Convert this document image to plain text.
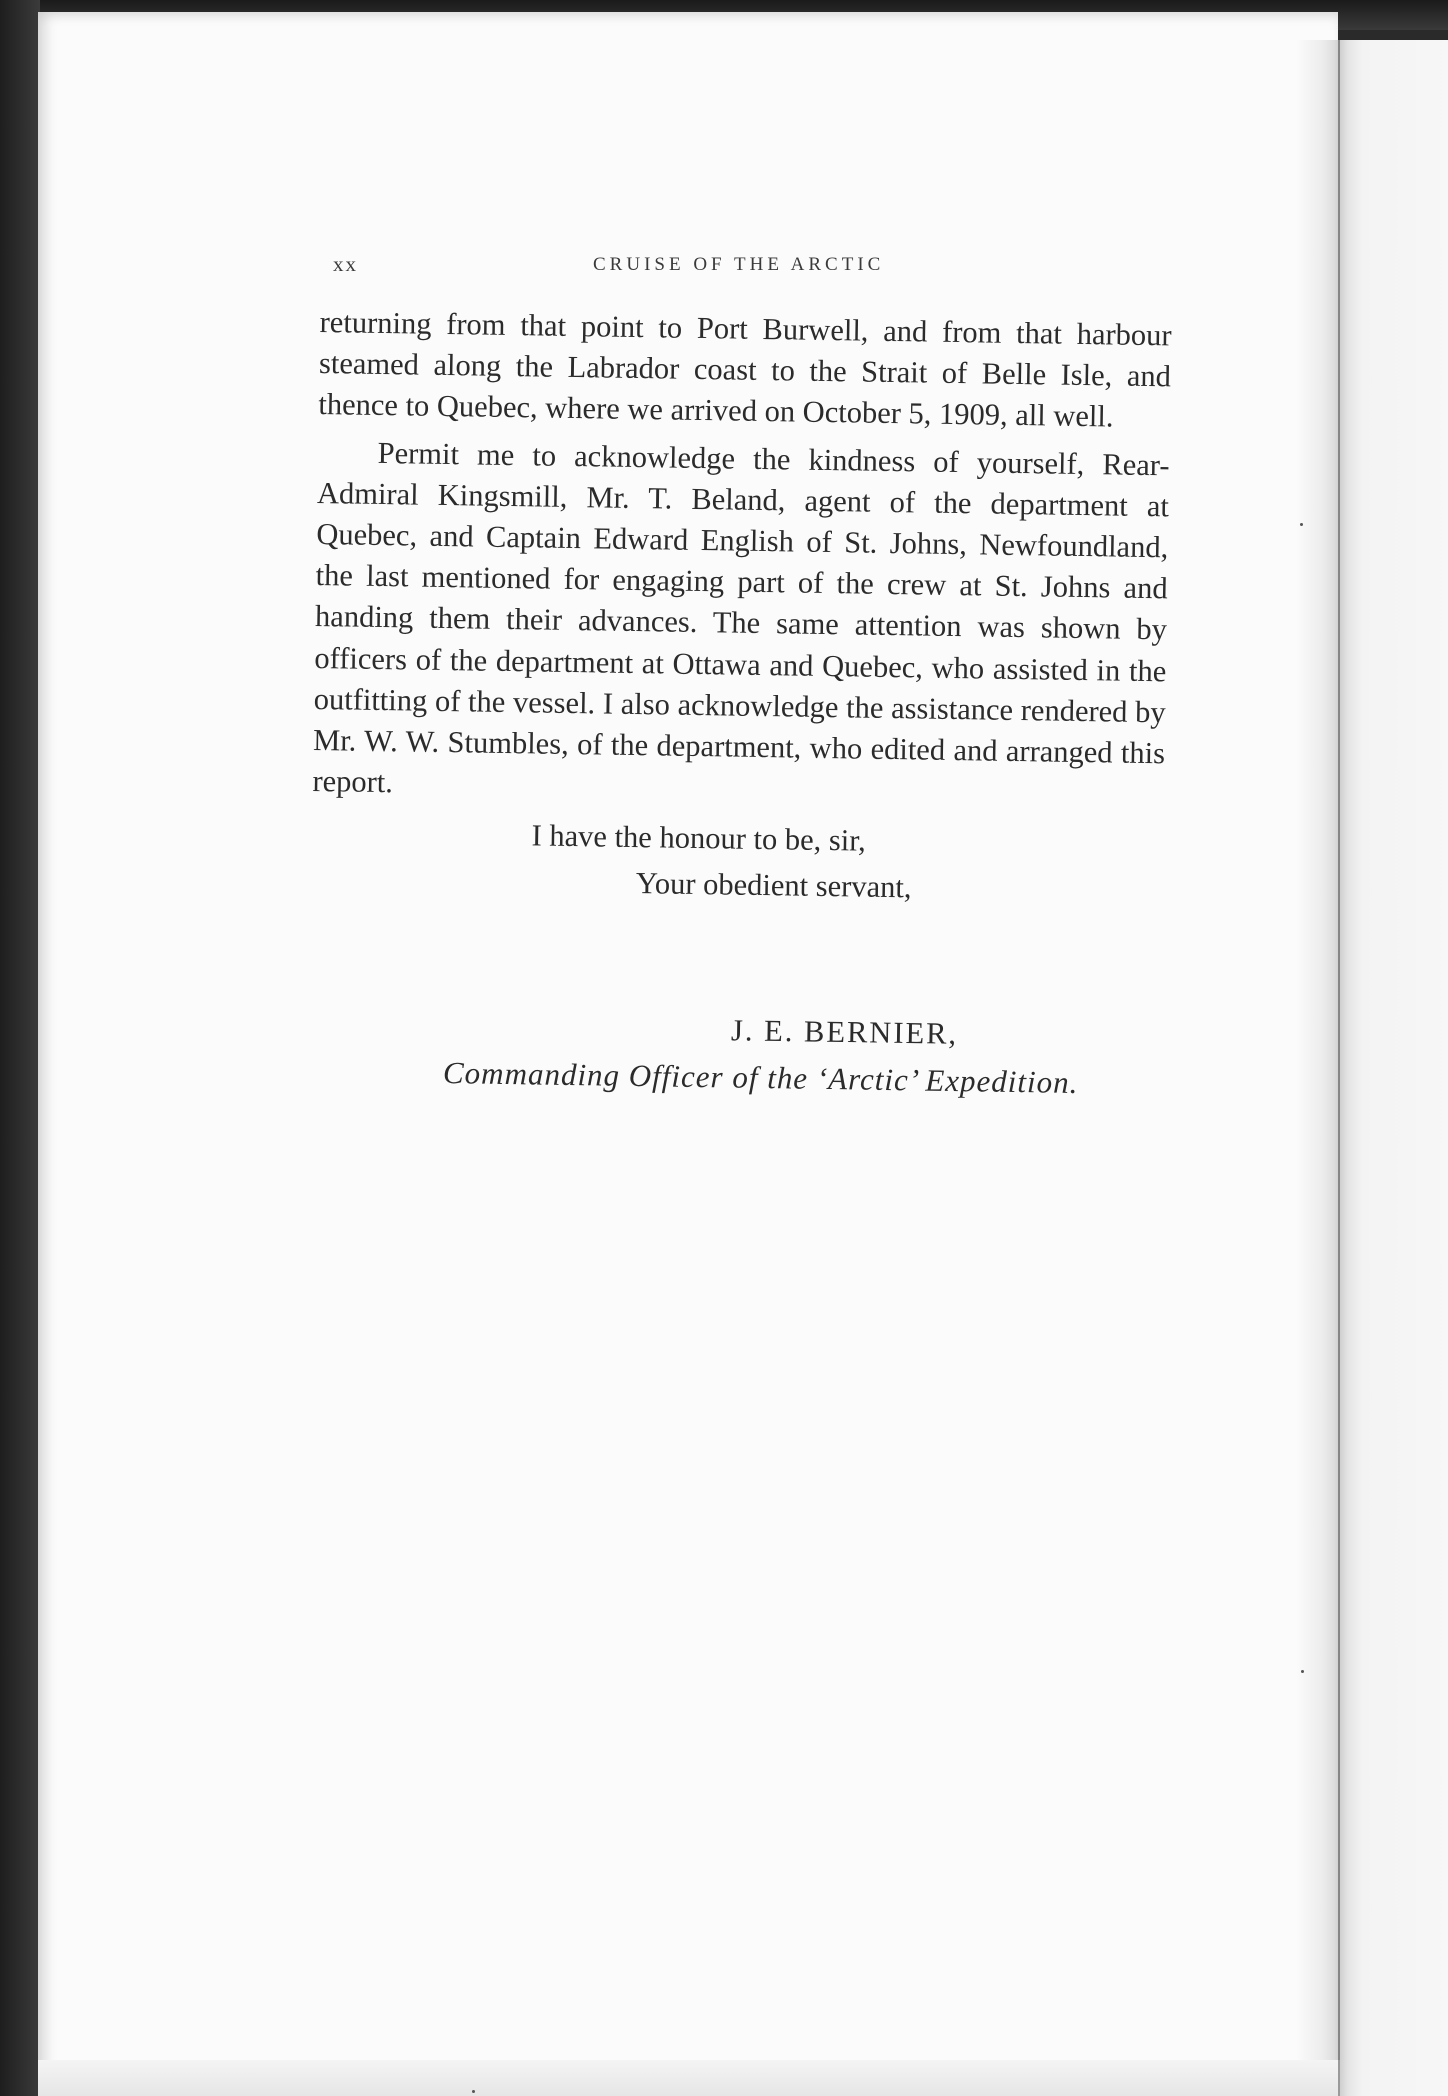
xx	CRUISE OF THE ARCTIC

returning from that point to Port Burwell, and from that harbour steamed along the Labrador coast to the Strait of Belle Isle, and thence to Quebec, where we arrived on October 5, 1909, all well.

Permit me to acknowledge the kindness of yourself, Rear-Admiral Kingsmill, Mr. T. Beland, agent of the department at Quebec, and Captain Edward English of St. Johns, Newfoundland, the last mentioned for engaging part of the crew at St. Johns and handing them their advances. The same attention was shown by officers of the department at Ottawa and Quebec, who assisted in the outfitting of the vessel. I also acknowledge the assistance rendered by Mr. W. W. Stumbles, of the department, who edited and arranged this report.

I have the honour to be, sir,
Your obedient servant,
J. E. BERNIER,
Commanding Officer of the ‘Arctic’ Expedition.
